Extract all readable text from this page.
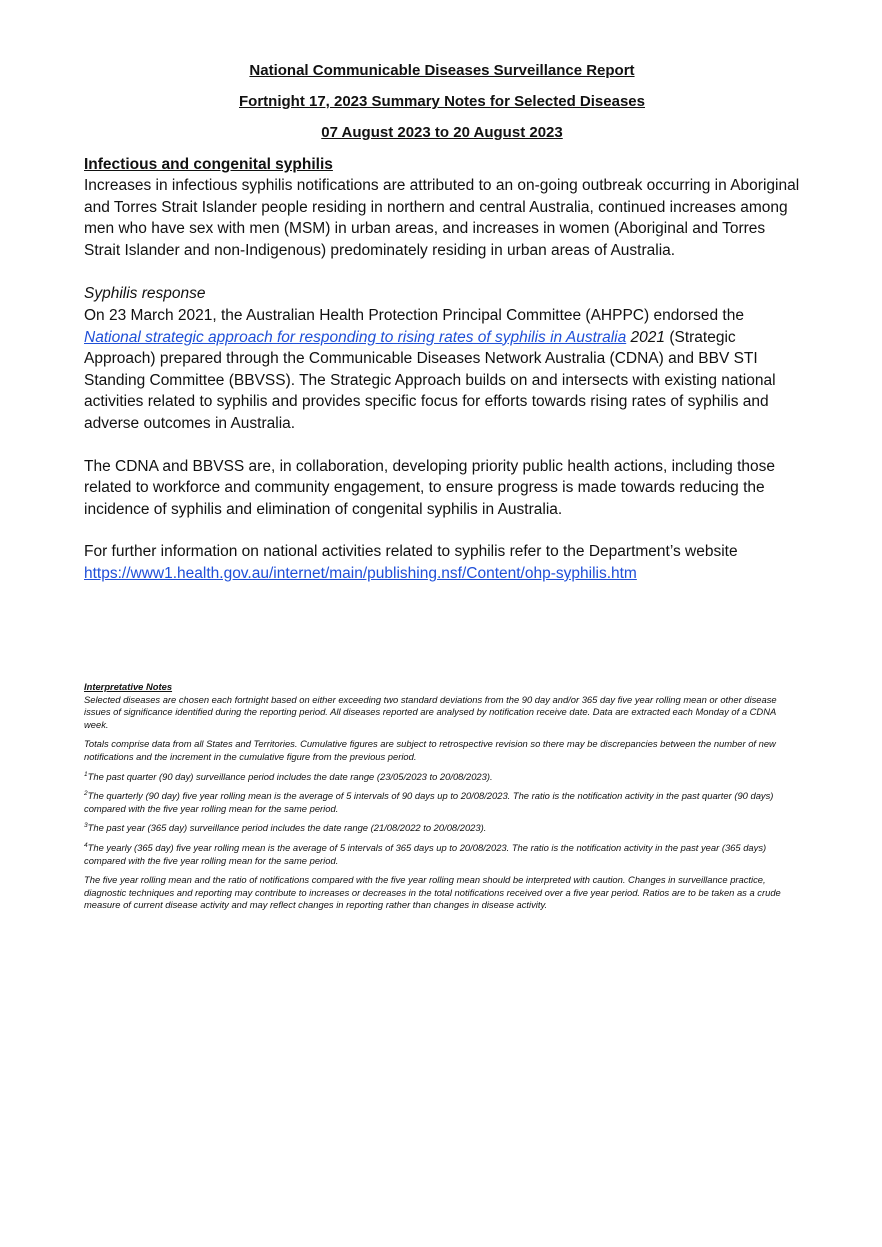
National Communicable Diseases Surveillance Report

Fortnight 17, 2023 Summary Notes for Selected Diseases

07 August 2023 to 20 August 2023

Infectious and congenital syphilis

Increases in infectious syphilis notifications are attributed to an on-going outbreak occurring in Aboriginal and Torres Strait Islander people residing in northern and central Australia, continued increases among men who have sex with men (MSM) in urban areas, and increases in women (Aboriginal and Torres Strait Islander and non-Indigenous) predominately residing in urban areas of Australia.

Syphilis response

On 23 March 2021, the Australian Health Protection Principal Committee (AHPPC) endorsed the National strategic approach for responding to rising rates of syphilis in Australia 2021 (Strategic Approach) prepared through the Communicable Diseases Network Australia (CDNA) and BBV STI Standing Committee (BBVSS). The Strategic Approach builds on and intersects with existing national activities related to syphilis and provides specific focus for efforts towards rising rates of syphilis and adverse outcomes in Australia.

The CDNA and BBVSS are, in collaboration, developing priority public health actions, including those related to workforce and community engagement, to ensure progress is made towards reducing the incidence of syphilis and elimination of congenital syphilis in Australia.

For further information on national activities related to syphilis refer to the Department’s website
https://www1.health.gov.au/internet/main/publishing.nsf/Content/ohp-syphilis.htm

Interpretative Notes

Selected diseases are chosen each fortnight based on either exceeding two standard deviations from the 90 day and/or 365 day five year rolling mean or other disease issues of significance identified during the reporting period. All diseases reported are analysed by notification receive date. Data are extracted each Monday of a CDNA week.

Totals comprise data from all States and Territories. Cumulative figures are subject to retrospective revision so there may be discrepancies between the number of new notifications and the increment in the cumulative figure from the previous period.

$^1$The past quarter (90 day) surveillance period includes the date range (23/05/2023 to 20/08/2023).

$^2$The quarterly (90 day) five year rolling mean is the average of 5 intervals of 90 days up to 20/08/2023. The ratio is the notification activity in the past quarter (90 days) compared with the five year rolling mean for the same period.

$^3$The past year (365 day) surveillance period includes the date range (21/08/2022 to 20/08/2023).

$^4$The yearly (365 day) five year rolling mean is the average of 5 intervals of 365 days up to 20/08/2023. The ratio is the notification activity in the past year (365 days) compared with the five year rolling mean for the same period.

The five year rolling mean and the ratio of notifications compared with the five year rolling mean should be interpreted with caution. Changes in surveillance practice, diagnostic techniques and reporting may contribute to increases or decreases in the total notifications received over a five year period. Ratios are to be taken as a crude measure of current disease activity and may reflect changes in reporting rather than changes in disease activity.
